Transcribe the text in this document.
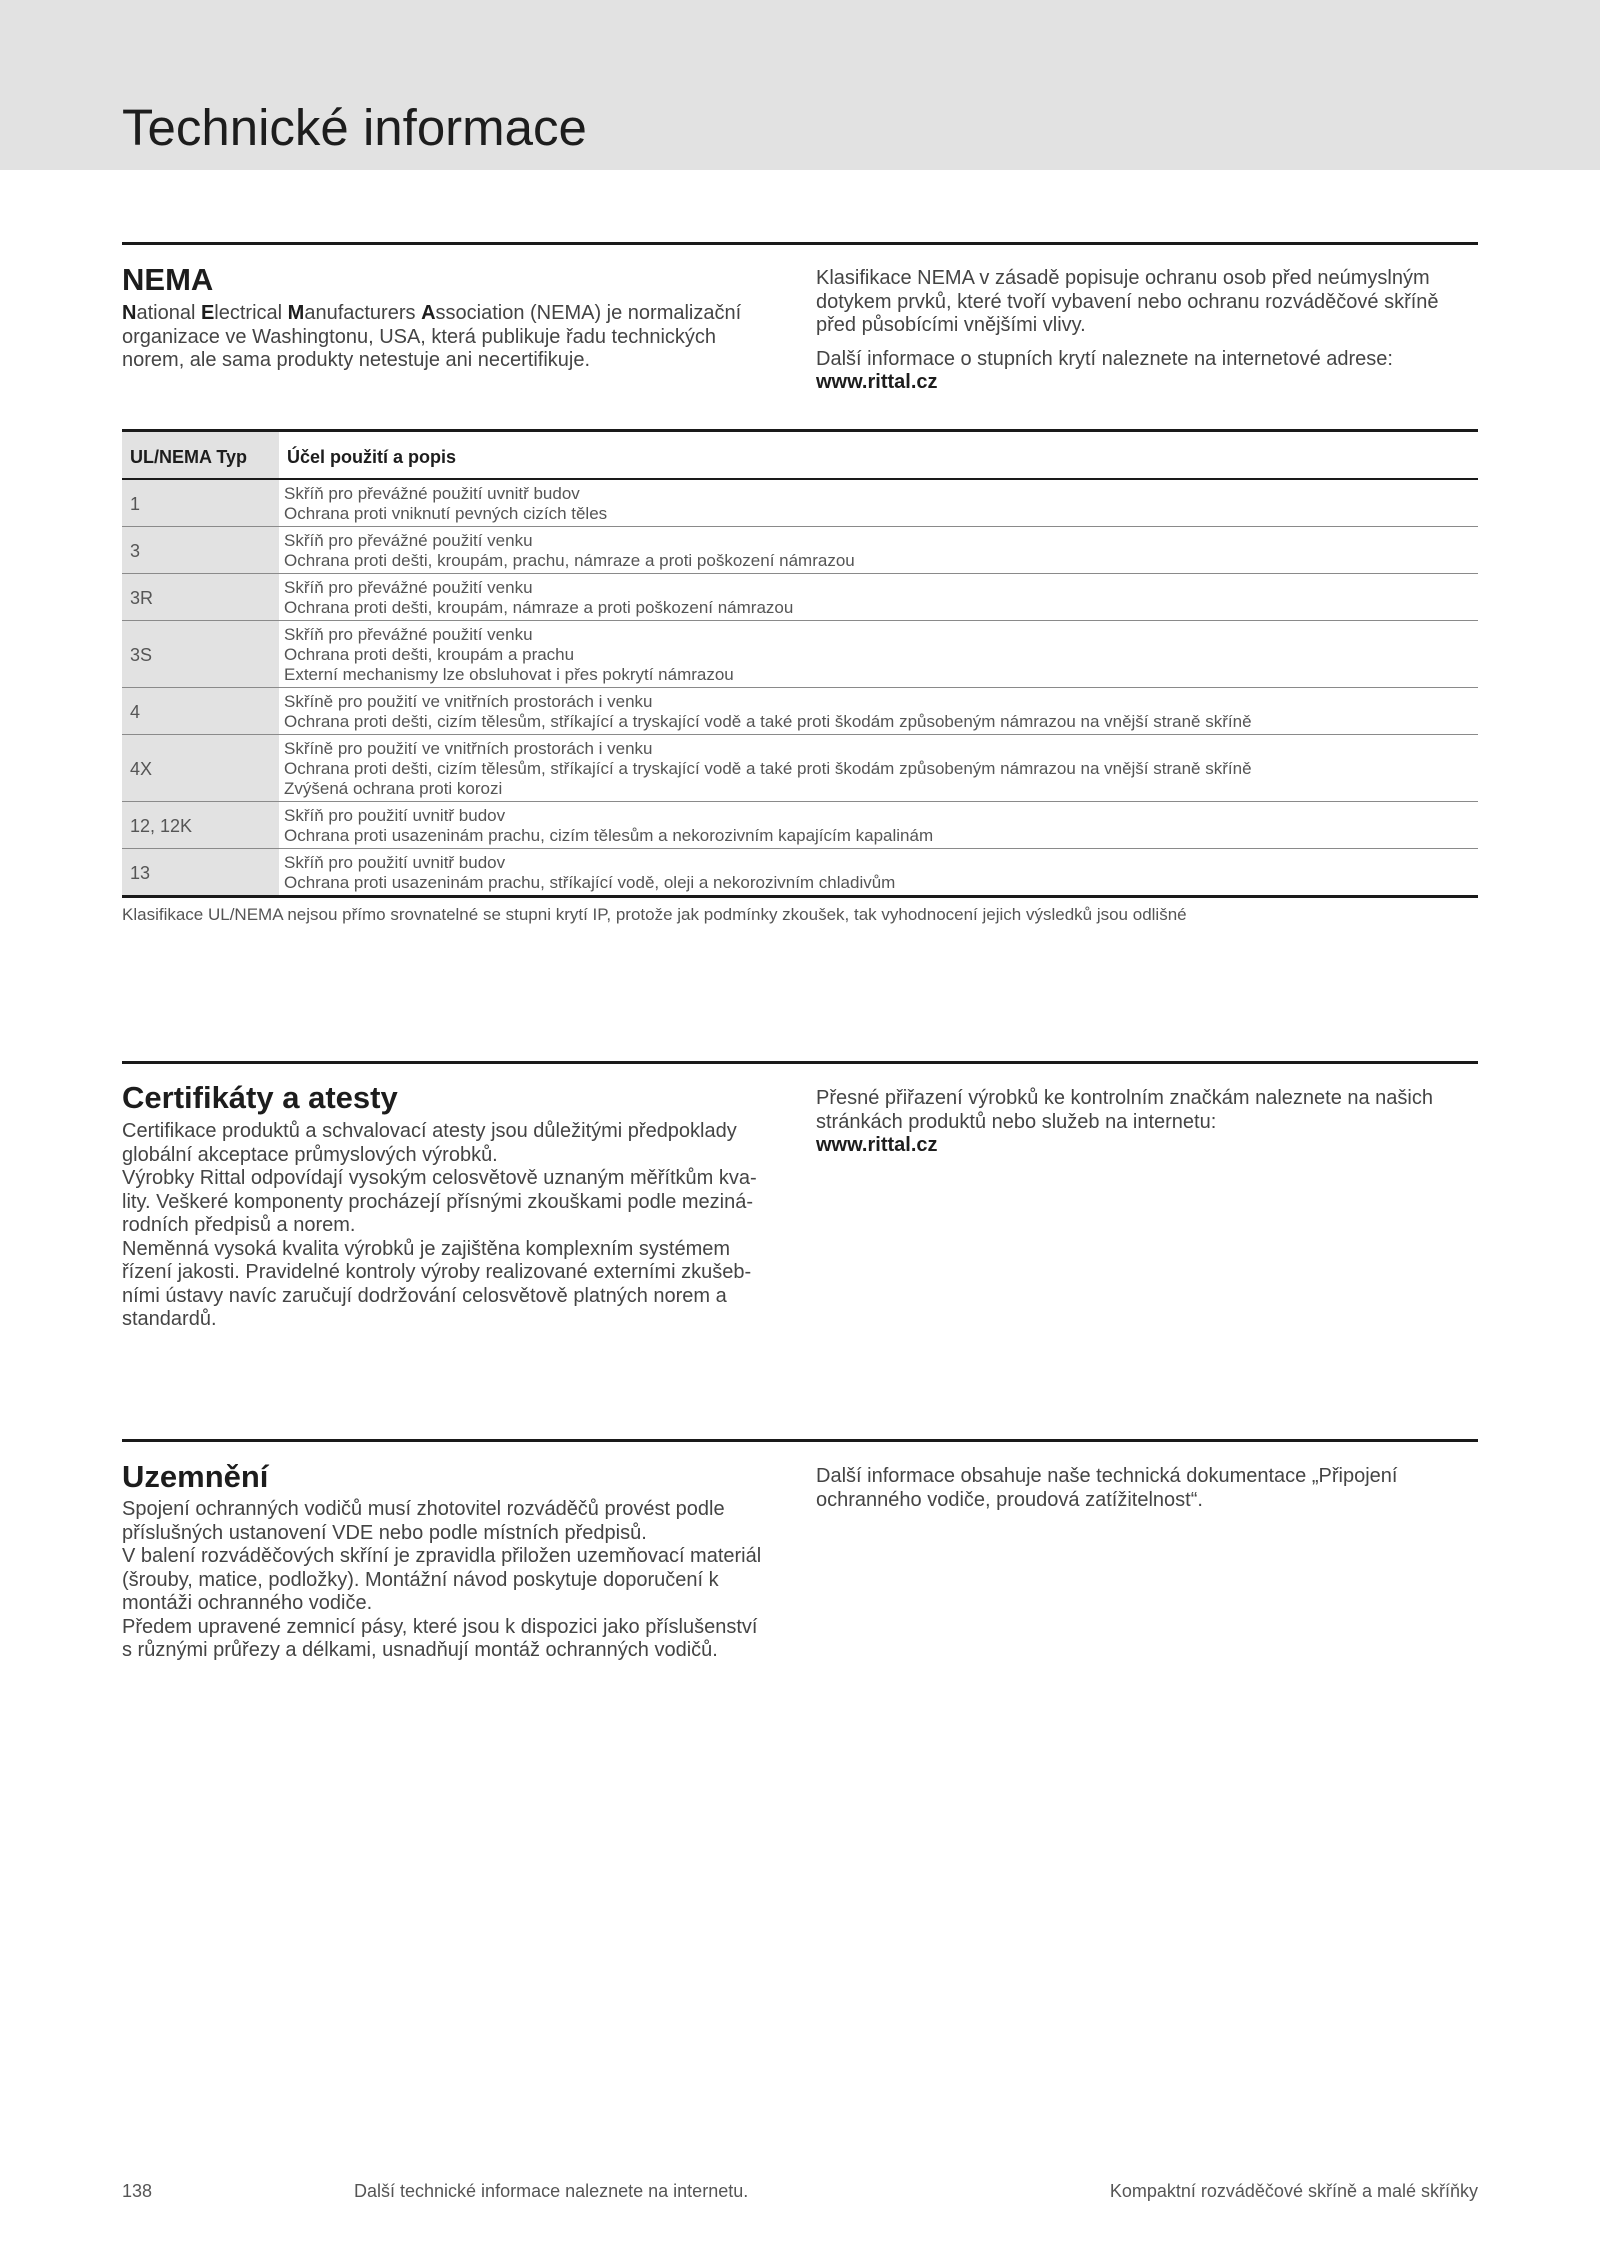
Technické informace
NEMA

National Electrical Manufacturers Association (NEMA) je normalizační organizace ve Washingtonu, USA, která publikuje řadu technických norem, ale sama produkty netestuje ani necertifikuje.

Klasifikace NEMA v zásadě popisuje ochranu osob před neúmyslným dotykem prvků, které tvoří vybavení nebo ochranu rozváděčové skříně před působícími vnějšími vlivy.

Další informace o stupních krytí naleznete na internetové adrese:

www.rittal.cz

UL/NEMA Typ	Účel použití a popis
1	Skříň pro převážné použití uvnitř budov
Ochrana proti vniknutí pevných cizích těles

3	Skříň pro převážné použití venku
Ochrana proti dešti, kroupám, prachu, námraze a proti poškození námrazou

3R	Skříň pro převážné použití venku
Ochrana proti dešti, kroupám, námraze a proti poškození námrazou

3S	Skříň pro převážné použití venku
Ochrana proti dešti, kroupám a prachu
Externí mechanismy lze obsluhovat i přes pokrytí námrazou

4	Skříně pro použití ve vnitřních prostorách i venku
Ochrana proti dešti, cizím tělesům, stříkající a tryskající vodě a také proti škodám způsobeným námrazou na vnější straně skříně

4X	Skříně pro použití ve vnitřních prostorách i venku
Ochrana proti dešti, cizím tělesům, stříkající a tryskající vodě a také proti škodám způsobeným námrazou na vnější straně skříně
Zvýšená ochrana proti korozi

12, 12K	Skříň pro použití uvnitř budov
Ochrana proti usazeninám prachu, cizím tělesům a nekorozivním kapajícím kapalinám

13	Skříň pro použití uvnitř budov
Ochrana proti usazeninám prachu, stříkající vodě, oleji a nekorozivním chladivům
Klasifikace UL/NEMA nejsou přímo srovnatelné se stupni krytí IP, protože jak podmínky zkoušek, tak vyhodnocení jejich výsledků jsou odlišné
Certifikáty a atesty

Certifikace produktů a schvalovací atesty jsou důležitými předpoklady

globální akceptace průmyslových výrobků.

Výrobky Rittal odpovídají vysokým celosvětově uznaným měřítkům kva-

lity. Veškeré komponenty procházejí přísnými zkouškami podle meziná-

rodních předpisů a norem.

Neměnná vysoká kvalita výrobků je zajištěna komplexním systémem

řízení jakosti. Pravidelné kontroly výroby realizované externími zkušeb-

ními ústavy navíc zaručují dodržování celosvětově platných norem a

standardů.

Přesné přiřazení výrobků ke kontrolním značkám naleznete na našich

stránkách produktů nebo služeb na internetu:

www.rittal.cz

Uzemnění

Spojení ochranných vodičů musí zhotovitel rozváděčů provést podle

příslušných ustanovení VDE nebo podle místních předpisů.

V balení rozváděčových skříní je zpravidla přiložen uzemňovací materiál

(šrouby, matice, podložky). Montážní návod poskytuje doporučení k

montáži ochranného vodiče.

Předem upravené zemnicí pásy, které jsou k dispozici jako příslušenství

s různými průřezy a délkami, usnadňují montáž ochranných vodičů.

Další informace obsahuje naše technická dokumentace „Připojení

ochranného vodiče, proudová zatížitelnost“.

138	Další technické informace naleznete na internetu.	Kompaktní rozváděčové skříně a malé skříňky
